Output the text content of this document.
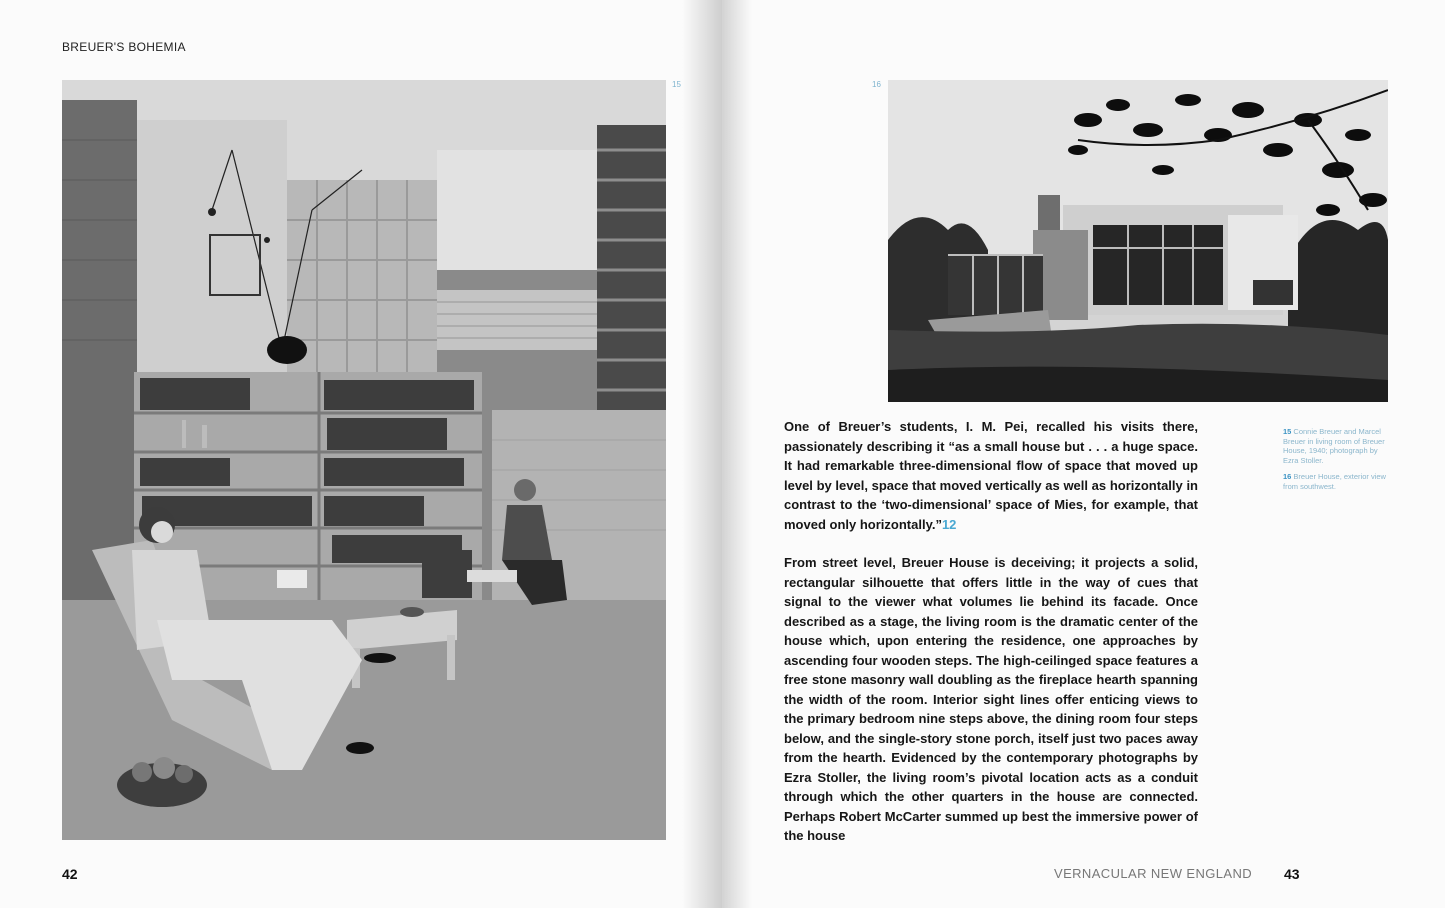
BREUER'S BOHEMIA
15
42
16
One of Breuer’s students, I. M. Pei, recalled his visits there, passionately describing it “as a small house but . . . a huge space. It had remarkable three-dimensional flow of space that moved up level by level, space that moved vertically as well as horizontally in contrast to the ‘two-dimensional’ space of Mies, for example, that moved only horizontally.”12
From street level, Breuer House is deceiving; it projects a solid, rectangular silhouette that offers little in the way of cues that signal to the viewer what volumes lie behind its facade. Once described as a stage, the living room is the dramatic center of the house which, upon entering the residence, one approaches by ascending four wooden steps. The high-ceilinged space features a free stone masonry wall doubling as the fireplace hearth spanning the width of the room. Interior sight lines offer enticing views to the primary bedroom nine steps above, the dining room four steps below, and the single-story stone porch, itself just two paces away from the hearth. Evidenced by the contemporary photographs by Ezra Stoller, the living room’s pivotal location acts as a conduit through which the other quarters in the house are connected. Perhaps Robert McCarter summed up best the immersive power of the house
15 Connie Breuer and Marcel Breuer in living room of Breuer House, 1940; photograph by Ezra Stoller.
16 Breuer House, exterior view from southwest.
VERNACULAR NEW ENGLAND 43
